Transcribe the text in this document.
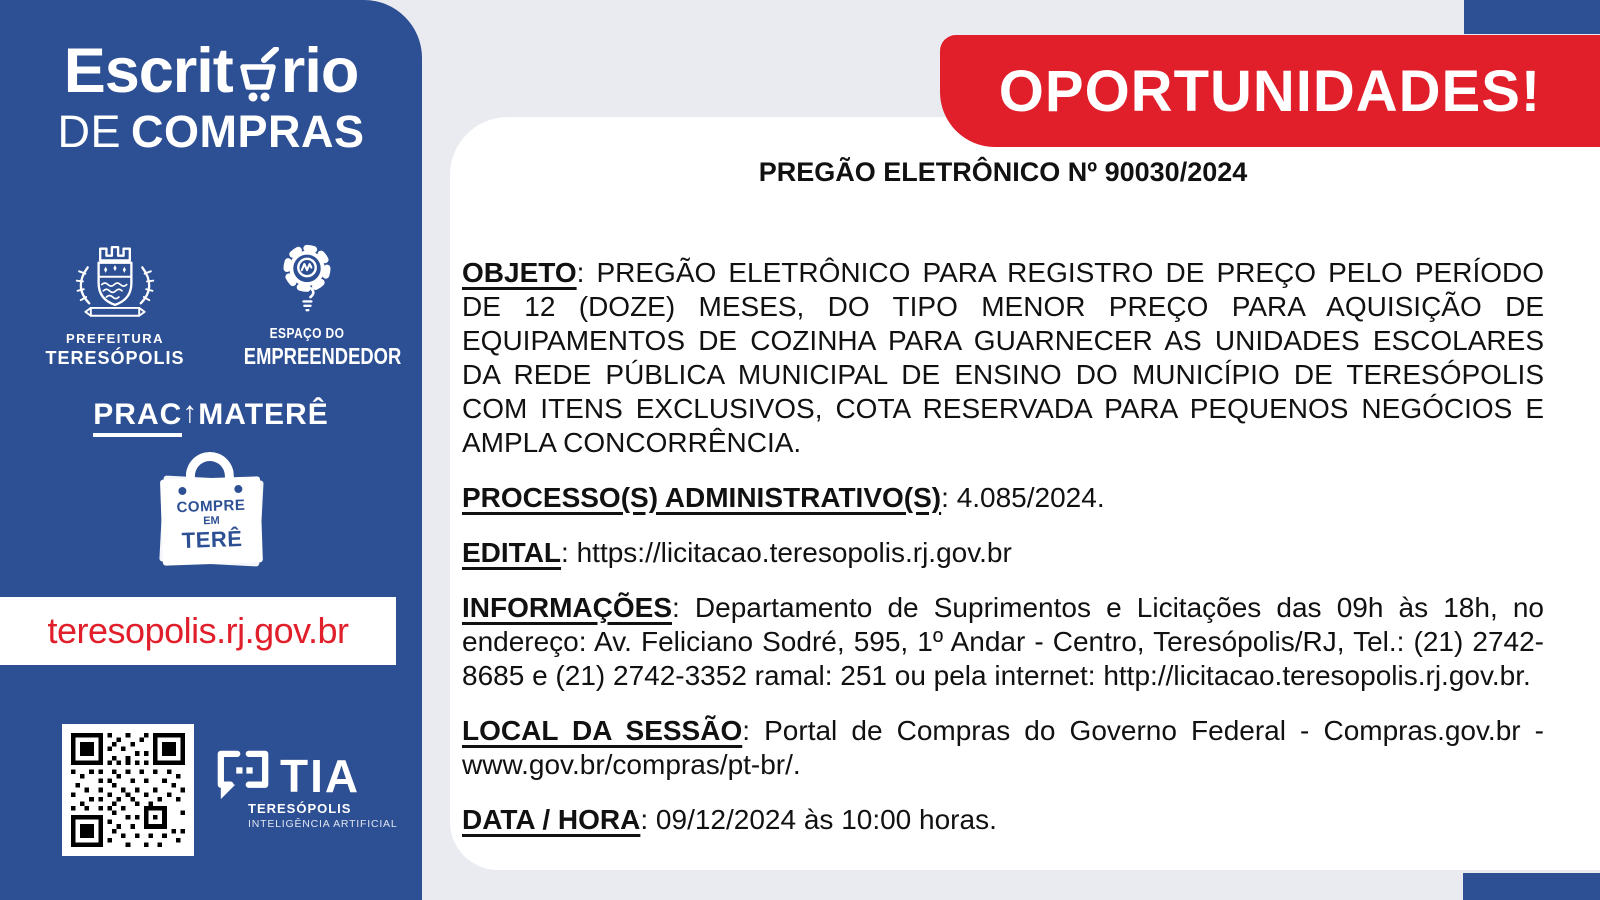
OPORTUNIDADES!
PREGÃO ELETRÔNICO Nº 90030/2024

OBJETO: PREGÃO ELETRÔNICO PARA REGISTRO DE PREÇO PELO PERÍODO DE 12 (DOZE) MESES, DO TIPO MENOR PREÇO PARA AQUISIÇÃO DE EQUIPAMENTOS DE COZINHA PARA GUARNECER AS UNIDADES ESCOLARES DA REDE PÚBLICA MUNICIPAL DE ENSINO DO MUNICÍPIO DE TERESÓPOLIS COM ITENS EXCLUSIVOS, COTA RESERVADA PARA PEQUENOS NEGÓCIOS E AMPLA CONCORRÊNCIA.

PROCESSO(S) ADMINISTRATIVO(S): 4.085/2024.

EDITAL: https://licitacao.teresopolis.rj.gov.br

INFORMAÇÕES: Departamento de Suprimentos e Licitações das 09h às 18h, no endereço: Av. Feliciano Sodré, 595, 1º Andar - Centro, Teresópolis/RJ, Tel.: (21) 2742-8685 e (21) 2742-3352 ramal: 251 ou pela internet: http://licitacao.teresopolis.rj.gov.br.

LOCAL DA SESSÃO: Portal de Compras do Governo Federal - Compras.gov.br - www.gov.br/compras/pt-br/.

DATA / HORA: 09/12/2024 às 10:00 horas.

Escrit rio
DE COMPRAS
PREFEITURA
TERESÓPOLIS
ESPAÇO DO
EMPREENDEDOR
PRAC↑MATERÊ
COMPRE
EM
TERÊ
teresopolis.rj.gov.br
TIA
TERESÓPOLIS
INTELIGÊNCIA ARTIFICIAL
